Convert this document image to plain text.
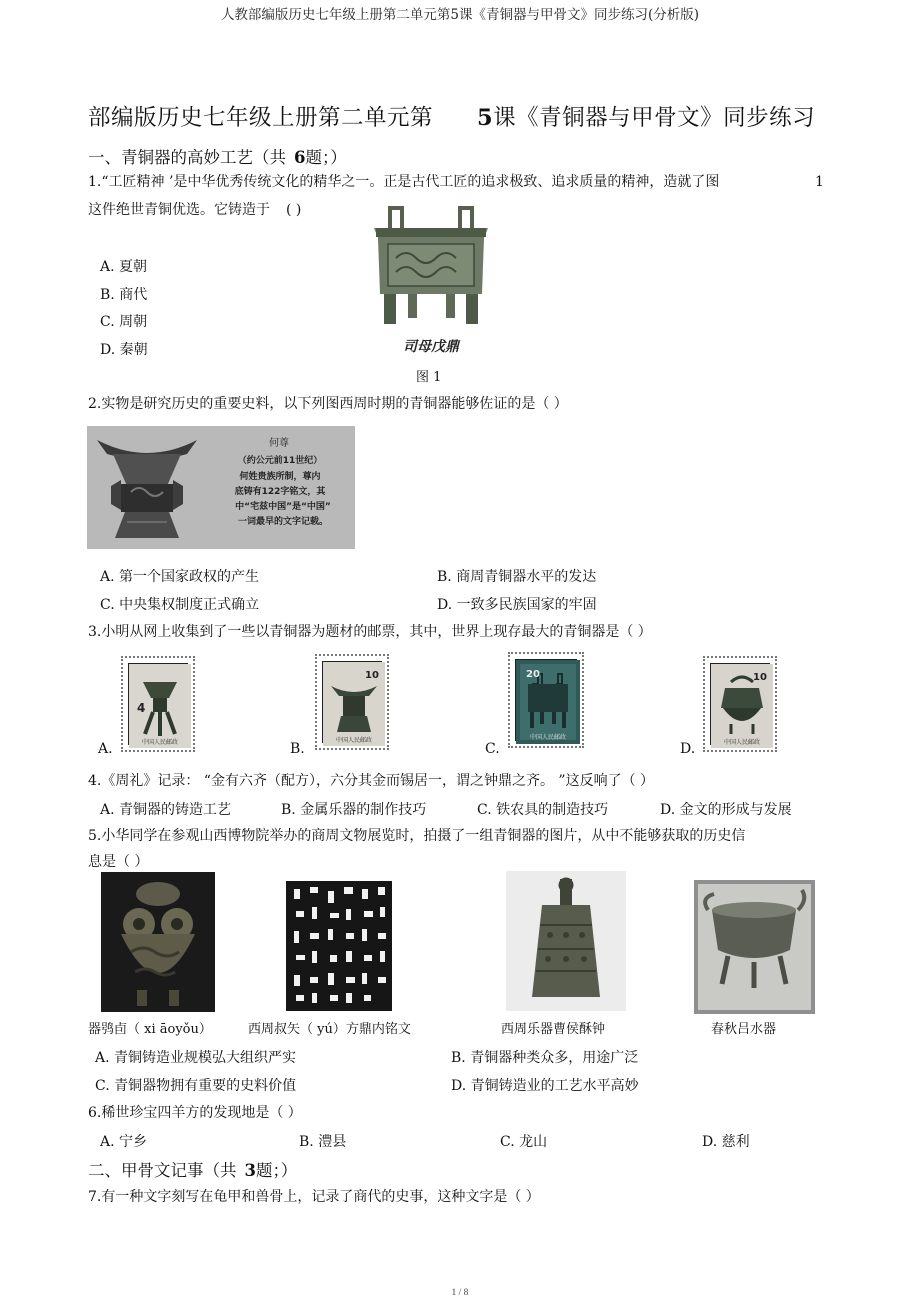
人教部编版历史七年级上册第二单元第5课《青铜器与甲骨文》同步练习(分析版)
部编版历史七年级上册第二单元第 5课《青铜器与甲骨文》同步练习
一、青铜器的高妙工艺（共 6题；）
1.“工匠精神 ’是中华优秀传统文化的精华之一。正是古代工匠的追求极致、追求质量的精神，造就了图	1
这件绝世青铜优选。它铸造于 ( )
A. 夏朝
B. 商代
C. 周朝
D. 秦朝	司母戊鼎
图 1
2.实物是研究历史的重要史料，以下列图西周时期的青铜器能够佐证的是（ ）
何尊
（约公元前11世纪）
何姓贵族所制，尊内
底铸有122字铭文，其
中“宅兹中国”是“中国”
一词最早的文字记载。
A. 第一个国家政权的产生	B. 商周青铜器水平的发达
C. 中央集权制度正式确立	D. 一致多民族国家的牢固
3.小明从网上收集到了一些以青铜器为题材的邮票，其中，世界上现存最大的青铜器是（ ）
A.	B.	C.	D.
4
中国人民邮政
10
中国人民邮政
20
中国人民邮政
10
中国人民邮政
4.《周礼》记录： “金有六齐（配方），六分其金而锡居一，谓之钟鼎之齐。 ”这反响了（ ）
A. 青铜器的铸造工艺	B. 金属乐器的制作技巧	C. 铁农具的制造技巧	D. 金文的形成与发展
5.小华同学在参观山西博物院举办的商周文物展览时，拍摄了一组青铜器的图片，从中不能够获取的历史信
息是（ ）
器鸮卣（ xi āoyǒu）	西周叔矢（ yú）方鼎内铭文	西周乐器曹侯酥钟	春秋吕水器
A. 青铜铸造业规模弘大组织严实	B. 青铜器种类众多，用途广泛
C. 青铜器物拥有重要的史料价值	D. 青铜铸造业的工艺水平高妙
6.稀世珍宝四羊方的发现地是（ ）
A. 宁乡	B. 澧县	C. 龙山	D. 慈利
二、甲骨文记事（共 3题；）
7.有一种文字刻写在龟甲和兽骨上，记录了商代的史事，这种文字是（ ）
1 / 8
